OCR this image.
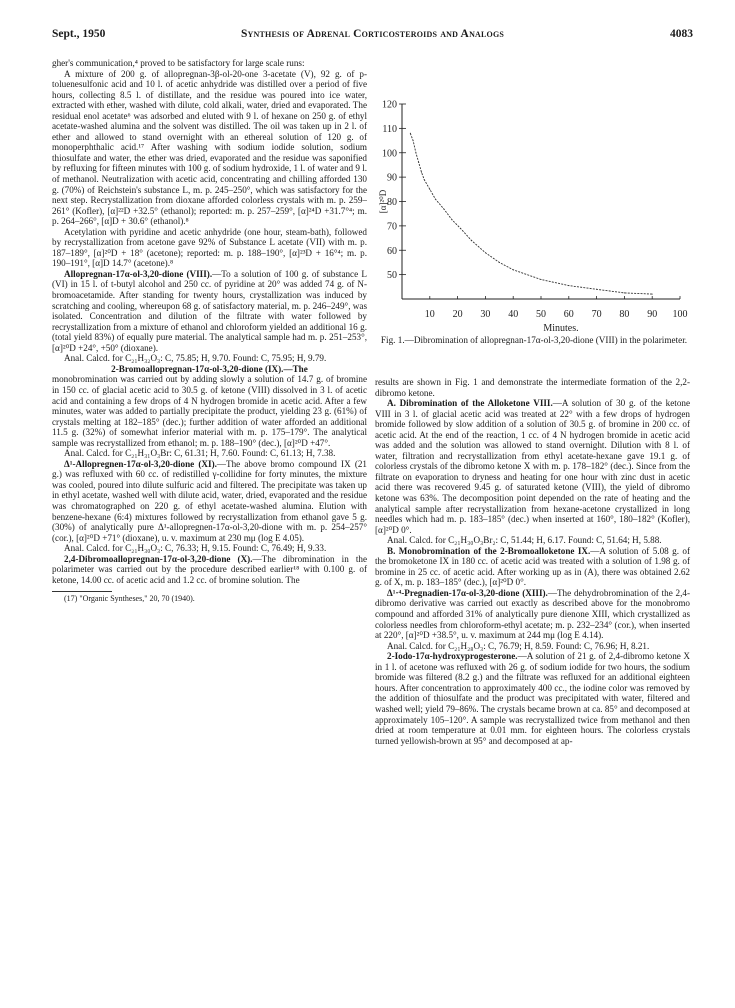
Sept., 1950	Synthesis of Adrenal Corticosteroids and Analogs	4083

gher's communication,⁴ proved to be satisfactory for large scale runs:

A mixture of 200 g. of allopregnan-3β-ol-20-one 3-acetate (V), 92 g. of p-toluenesulfonic acid and 10 l. of acetic anhydride was distilled over a period of five hours, collecting 8.5 l. of distillate, and the residue was poured into ice water, extracted with ether, washed with dilute, cold alkali, water, dried and evaporated. The residual enol acetate⁶ was adsorbed and eluted with 9 l. of hexane on 250 g. of ethyl acetate-washed alumina and the solvent was distilled. The oil was taken up in 2 l. of ether and allowed to stand overnight with an ethereal solution of 120 g. of monoperphthalic acid.¹⁷ After washing with sodium iodide solution, sodium thiosulfate and water, the ether was dried, evaporated and the residue was saponified by refluxing for fifteen minutes with 100 g. of sodium hydroxide, 1 l. of water and 9 l. of methanol. Neutralization with acetic acid, concentrating and chilling afforded 130 g. (70%) of Reichstein's substance L, m. p. 245–250°, which was satisfactory for the next step. Recrystallization from dioxane afforded colorless crystals with m. p. 259–261° (Kofler), [α]²²D +32.5° (ethanol); reported: m. p. 257–259°, [α]²⁴D +31.7°⁴; m. p. 264–266°, [α]D + 30.6° (ethanol).⁸

Acetylation with pyridine and acetic anhydride (one hour, steam-bath), followed by recrystallization from acetone gave 92% of Substance L acetate (VII) with m. p. 187–189°, [α]²⁰D + 18° (acetone); reported: m. p. 188–190°, [α]²³D + 16°⁴; m. p. 190–191°, [α]D 14.7° (acetone).⁸

Allopregnan-17α-ol-3,20-dione (VIII).—To a solution of 100 g. of substance L (VI) in 15 l. of t-butyl alcohol and 250 cc. of pyridine at 20° was added 74 g. of N-bromoacetamide. After standing for twenty hours, crystallization was induced by scratching and cooling, whereupon 68 g. of satisfactory material, m. p. 246–249°, was isolated. Concentration and dilution of the filtrate with water followed by recrystallization from a mixture of ethanol and chloroform yielded an additional 16 g. (total yield 83%) of equally pure material. The analytical sample had m. p. 251–253°, [α]²⁰D +24°, +50° (dioxane).

Anal. Calcd. for C₂₁H₃₂O₃: C, 75.85; H, 9.70. Found: C, 75.95; H, 9.79.

2-Bromoallopregnan-17α-ol-3,20-dione (IX).—The

monobromination was carried out by adding slowly a solution of 14.7 g. of bromine in 150 cc. of glacial acetic acid to 30.5 g. of ketone (VIII) dissolved in 3 l. of acetic acid and containing a few drops of 4 N hydrogen bromide in acetic acid. After a few minutes, water was added to partially precipitate the product, yielding 23 g. (61%) of crystals melting at 182–185° (dec.); further addition of water afforded an additional 11.5 g. (32%) of somewhat inferior material with m. p. 175–179°. The analytical sample was recrystallized from ethanol; m. p. 188–190° (dec.), [α]²⁰D +47°.

Anal. Calcd. for C₂₁H₃₁O₃Br: C, 61.31; H, 7.60. Found: C, 61.13; H, 7.38.

Δ¹-Allopregnen-17α-ol-3,20-dione (XI).—The above bromo compound IX (21 g.) was refluxed with 60 cc. of redistilled γ-collidine for forty minutes, the mixture was cooled, poured into dilute sulfuric acid and filtered. The precipitate was taken up in ethyl acetate, washed well with dilute acid, water, dried, evaporated and the residue was chromatographed on 220 g. of ethyl acetate-washed alumina. Elution with benzene-hexane (6:4) mixtures followed by recrystallization from ethanol gave 5 g. (30%) of analytically pure Δ¹-allopregnen-17α-ol-3,20-dione with m. p. 254–257° (cor.), [α]²⁰D +71° (dioxane), u. v. maximum at 230 mμ (log E 4.05).

Anal. Calcd. for C₂₁H₃₀O₃: C, 76.33; H, 9.15. Found: C, 76.49; H, 9.33.

2,4-Dibromoallopregnan-17α-ol-3,20-dione (X).—The dibromination in the polarimeter was carried out by the procedure described earlier¹⁸ with 0.100 g. of ketone, 14.00 cc. of acetic acid and 1.2 cc. of bromine solution. The

(17) "Organic Syntheses," 20, 70 (1940).

50
60
70
80
90
100
110
120
10 20 30 40 50 60 70 80 90 100
Minutes.
[α]²⁰D
Fig. 1.—Dibromination of allopregnan-17α-ol-3,20-dione (VIII) in the polarimeter.

results are shown in Fig. 1 and demonstrate the intermediate formation of the 2,2-dibromo ketone.

A. Dibromination of the Alloketone VIII.—A solution of 30 g. of the ketone VIII in 3 l. of glacial acetic acid was treated at 22° with a few drops of hydrogen bromide followed by slow addition of a solution of 30.5 g. of bromine in 200 cc. of acetic acid. At the end of the reaction, 1 cc. of 4 N hydrogen bromide in acetic acid was added and the solution was allowed to stand overnight. Dilution with 8 l. of water, filtration and recrystallization from ethyl acetate-hexane gave 19.1 g. of colorless crystals of the dibromo ketone X with m. p. 178–182° (dec.). Since from the filtrate on evaporation to dryness and heating for one hour with zinc dust in acetic acid there was recovered 9.45 g. of saturated ketone (VIII), the yield of dibromo ketone was 63%. The decomposition point depended on the rate of heating and the analytical sample after recrystallization from hexane-acetone crystallized in long needles which had m. p. 183–185° (dec.) when inserted at 160°, 180–182° (Kofler), [α]²⁰D 0°.

Anal. Calcd. for C₂₁H₃₀O₃Br₂: C, 51.44; H, 6.17. Found: C, 51.64; H, 5.88.

B. Monobromination of the 2-Bromoalloketone IX.—A solution of 5.08 g. of the bromoketone IX in 180 cc. of acetic acid was treated with a solution of 1.98 g. of bromine in 25 cc. of acetic acid. After working up as in (A), there was obtained 2.62 g. of X, m. p. 183–185° (dec.), [α]²⁰D 0°.

Δ¹·⁴-Pregnadien-17α-ol-3,20-dione (XIII).—The dehydrobromination of the 2,4-dibromo derivative was carried out exactly as described above for the monobromo compound and afforded 31% of analytically pure dienone XIII, which crystallized as colorless needles from chloroform-ethyl acetate; m. p. 232–234° (cor.), when inserted at 220°, [α]²⁰D +38.5°, u. v. maximum at 244 mμ (log E 4.14).

Anal. Calcd. for C₂₁H₂₈O₃: C, 76.79; H, 8.59. Found: C, 76.96; H, 8.21.

2-Iodo-17α-hydroxyprogesterone.—A solution of 21 g. of 2,4-dibromo ketone X in 1 l. of acetone was refluxed with 26 g. of sodium iodide for two hours, the sodium bromide was filtered (8.2 g.) and the filtrate was refluxed for an additional eighteen hours. After concentration to approximately 400 cc., the iodine color was removed by the addition of thiosulfate and the product was precipitated with water, filtered and washed well; yield 79–86%. The crystals became brown at ca. 85° and decomposed at approximately 105–120°. A sample was recrystallized twice from methanol and then dried at room temperature at 0.01 mm. for eighteen hours. The colorless crystals turned yellowish-brown at 95° and decomposed at ap-
